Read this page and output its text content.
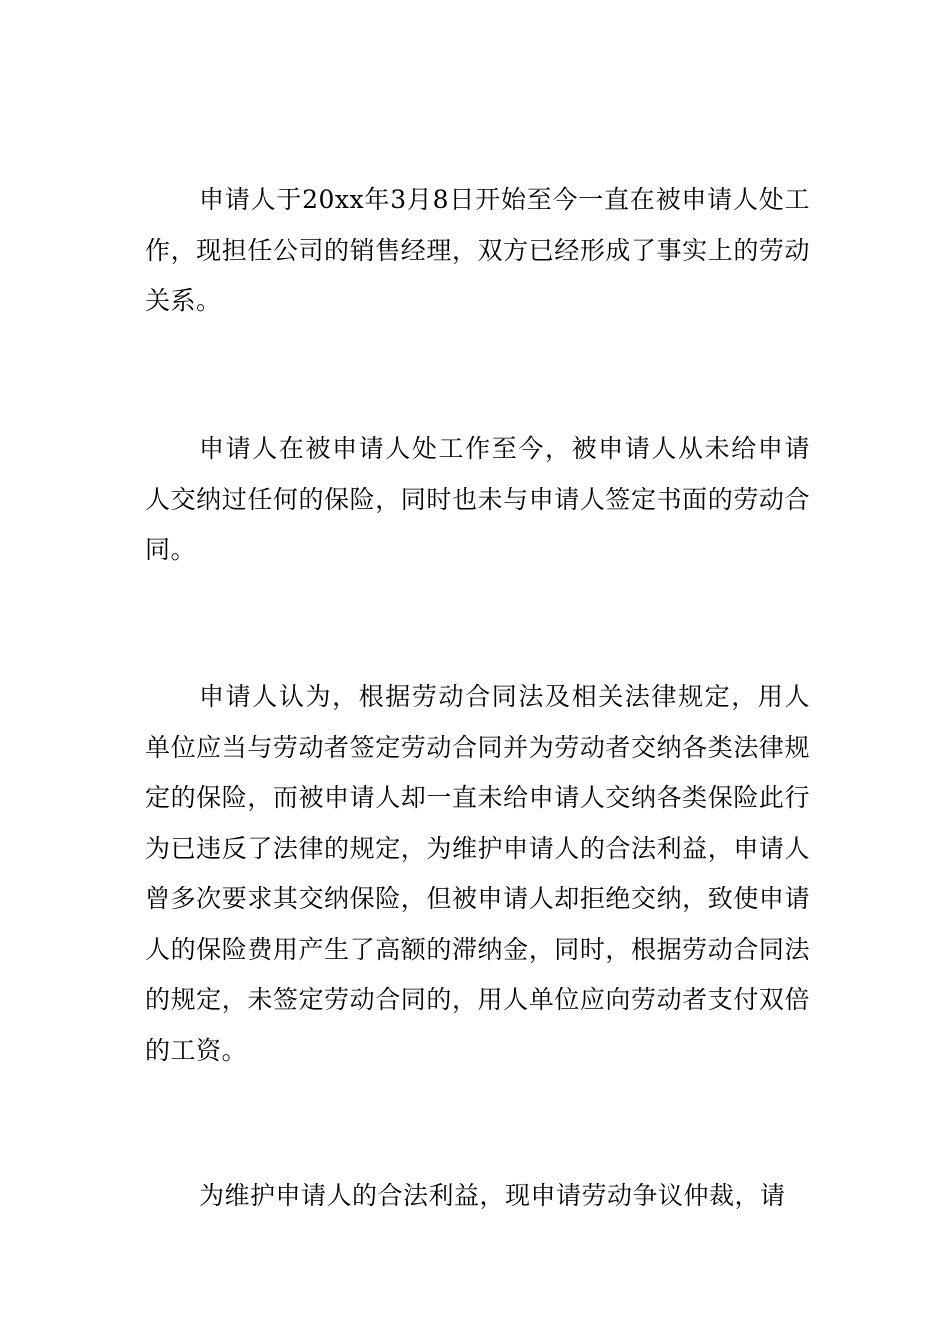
申请人于20xx年3月8日开始至今一直在被申请人处工作，现担任公司的销售经理，双方已经形成了事实上的劳动关系。

申请人在被申请人处工作至今，被申请人从未给申请人交纳过任何的保险，同时也未与申请人签定书面的劳动合同。

申请人认为，根据劳动合同法及相关法律规定，用人单位应当与劳动者签定劳动合同并为劳动者交纳各类法律规定的保险，而被申请人却一直未给申请人交纳各类保险此行为已违反了法律的规定，为维护申请人的合法利益，申请人曾多次要求其交纳保险，但被申请人却拒绝交纳，致使申请人的保险费用产生了高额的滞纳金，同时，根据劳动合同法的规定，未签定劳动合同的，用人单位应向劳动者支付双倍的工资。

为维护申请人的合法利益，现申请劳动争议仲裁，请
